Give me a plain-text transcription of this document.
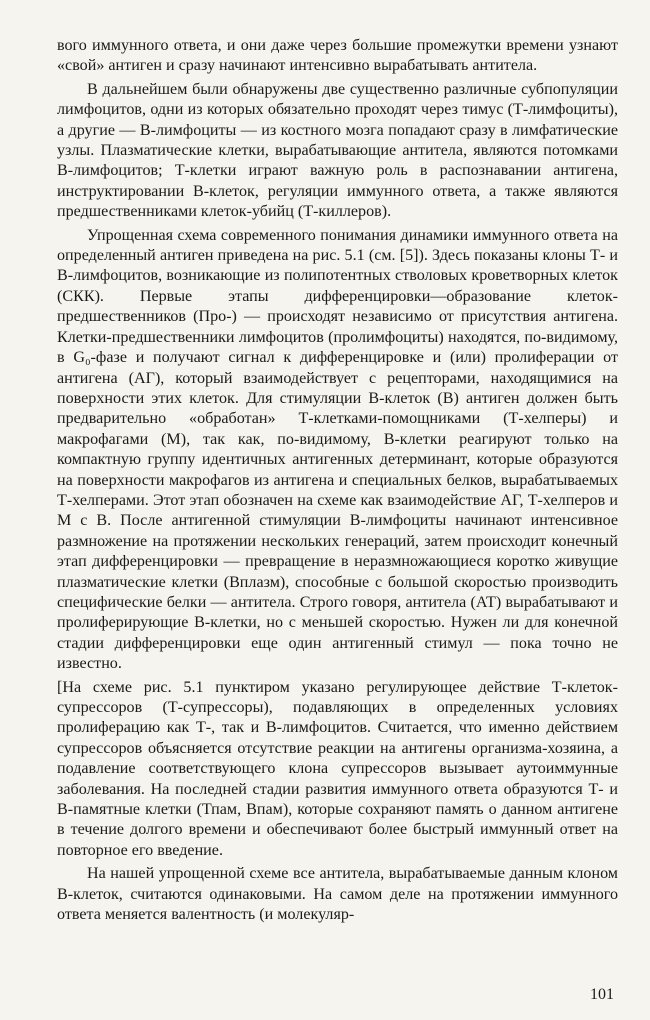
вого иммунного ответа, и они даже через большие промежутки времени узнают «свой» антиген и сразу начинают интенсивно вырабатывать антитела.

В дальнейшем были обнаружены две существенно различные субпопуляции лимфоцитов, одни из которых обязательно проходят через тимус (Т-лимфоциты), а другие — В-лимфоциты — из костного мозга попадают сразу в лимфатические узлы. Плазматические клетки, вырабатывающие антитела, являются потомками В-лимфоцитов; Т-клетки играют важную роль в распознавании антигена, инструктировании В-клеток, регуляции иммунного ответа, а также являются предшественниками клеток-убийц (Т-киллеров).

Упрощенная схема современного понимания динамики иммунного ответа на определенный антиген приведена на рис. 5.1 (см. [5]). Здесь показаны клоны Т- и В-лимфоцитов, возникающие из полипотентных стволовых кроветворных клеток (СКК). Первые этапы дифференцировки—образование клеток-предшественников (Про-) — происходят независимо от присутствия антигена. Клетки-предшественники лимфоцитов (пролимфоциты) находятся, по-видимому, в G₀-фазе и получают сигнал к дифференцировке и (или) пролиферации от антигена (АГ), который взаимодействует с рецепторами, находящимися на поверхности этих клеток. Для стимуляции В-клеток (В) антиген должен быть предварительно «обработан» Т-клетками-помощниками (Т-хелперы) и макрофагами (М), так как, по-видимому, В-клетки реагируют только на компактную группу идентичных антигенных детерминант, которые образуются на поверхности макрофагов из антигена и специальных белков, вырабатываемых Т-хелперами. Этот этап обозначен на схеме как взаимодействие АГ, Т-хелперов и М с В. После антигенной стимуляции В-лимфоциты начинают интенсивное размножение на протяжении нескольких генераций, затем происходит конечный этап дифференцировки — превращение в неразмножающиеся коротко живущие плазматические клетки (Вплазм), способные с большой скоростью производить специфические белки — антитела. Строго говоря, антитела (АТ) вырабатывают и пролиферирующие В-клетки, но с меньшей скоростью. Нужен ли для конечной стадии дифференцировки еще один антигенный стимул — пока точно не известно.

[На схеме рис. 5.1 пунктиром указано регулирующее действие Т-клеток-супрессоров (Т-супрессоры), подавляющих в определенных условиях пролиферацию как Т-, так и В-лимфоцитов. Считается, что именно действием супрессоров объясняется отсутствие реакции на антигены организма-хозяина, а подавление соответствующего клона супрессоров вызывает аутоиммунные заболевания. На последней стадии развития иммунного ответа образуются Т- и В-памятные клетки (Тпам, Впам), которые сохраняют память о данном антигене в течение долгого времени и обеспечивают более быстрый иммунный ответ на повторное его введение.

На нашей упрощенной схеме все антитела, вырабатываемые данным клоном В-клеток, считаются одинаковыми. На самом деле на протяжении иммунного ответа меняется валентность (и молекуляр-

101
